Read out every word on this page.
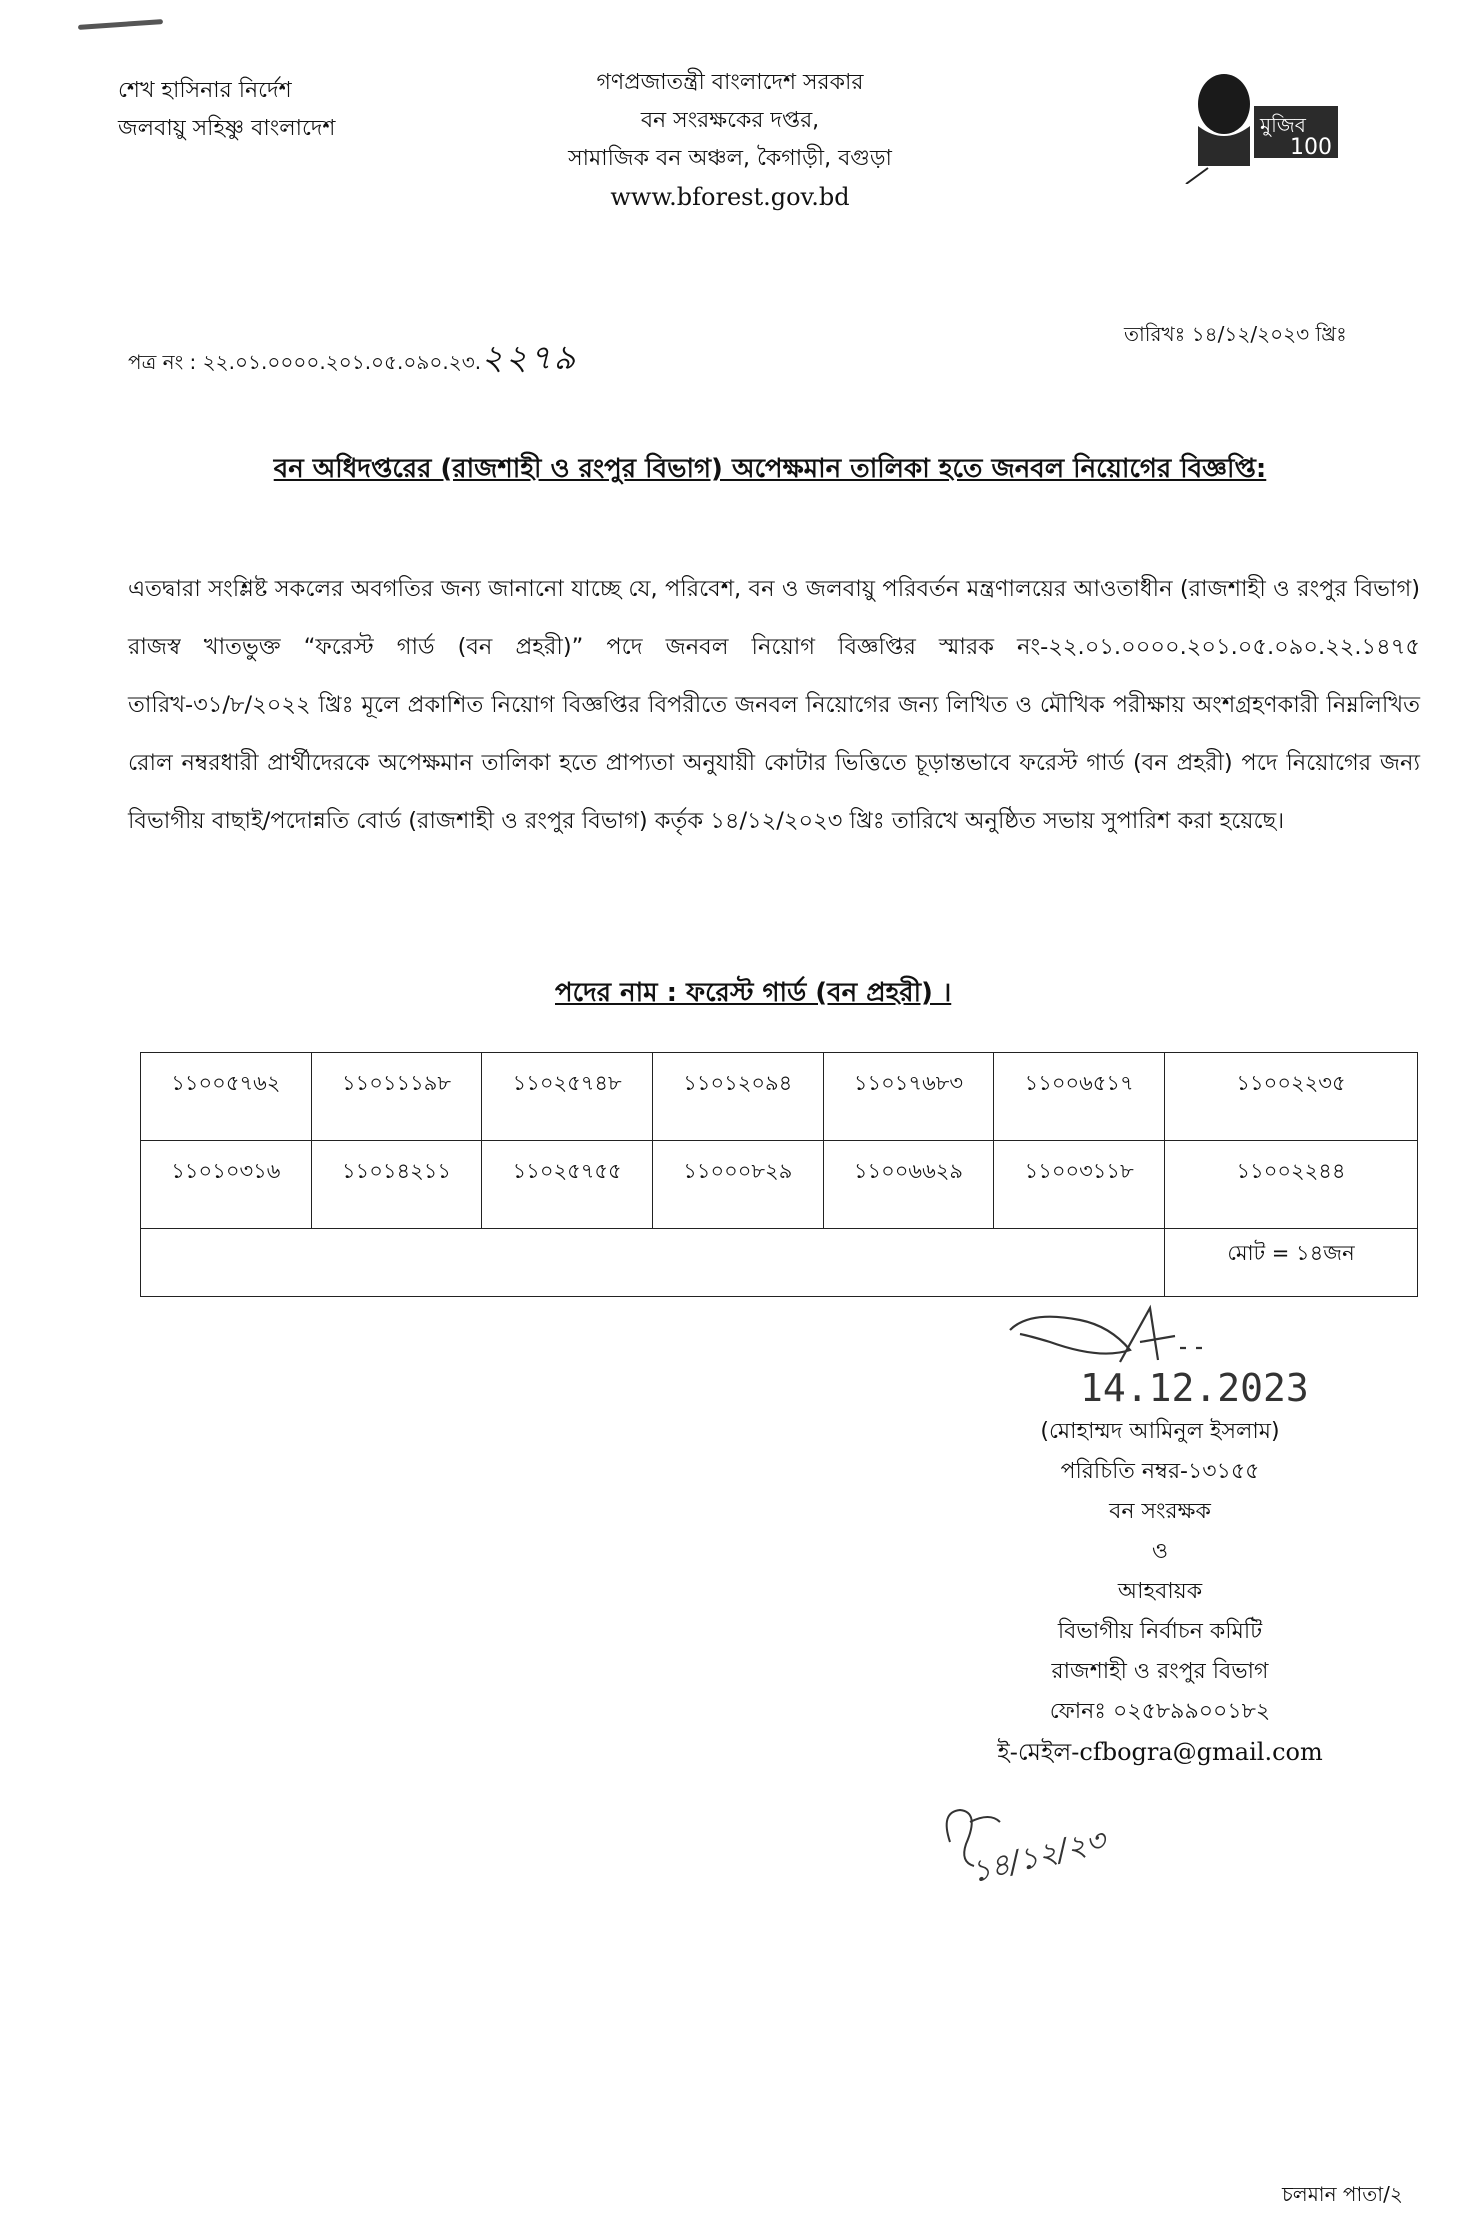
শেখ হাসিনার নির্দেশ
জলবায়ু সহিষ্ণু বাংলাদেশ
গণপ্রজাতন্ত্রী বাংলাদেশ সরকার
বন সংরক্ষকের দপ্তর,
সামাজিক বন অঞ্চল, কৈগাড়ী, বগুড়া
www.bforest.gov.bd
মুজিব
100
পত্র নং : ২২.০১.০০০০.২০১.০৫.০৯০.২৩.২২৭৯
তারিখঃ ১৪/১২/২০২৩ খ্রিঃ
বন অধিদপ্তরের (রাজশাহী ও রংপুর বিভাগ) অপেক্ষমান তালিকা হতে জনবল নিয়োগের বিজ্ঞপ্তি:
এতদ্বারা সংশ্লিষ্ট সকলের অবগতির জন্য জানানো যাচ্ছে যে, পরিবেশ, বন ও জলবায়ু পরিবর্তন মন্ত্রণালয়ের আওতাধীন (রাজশাহী ও রংপুর বিভাগ) রাজস্ব খাতভুক্ত “ফরেস্ট গার্ড (বন প্রহরী)” পদে জনবল নিয়োগ বিজ্ঞপ্তির স্মারক নং-২২.০১.০০০০.২০১.০৫.০৯০.২২.১৪৭৫ তারিখ-৩১/৮/২০২২ খ্রিঃ মূলে প্রকাশিত নিয়োগ বিজ্ঞপ্তির বিপরীতে জনবল নিয়োগের জন্য লিখিত ও মৌখিক পরীক্ষায় অংশগ্রহণকারী নিম্নলিখিত রোল নম্বরধারী প্রার্থীদেরকে অপেক্ষমান তালিকা হতে প্রাপ্যতা অনুযায়ী কোটার ভিত্তিতে চূড়ান্তভাবে ফরেস্ট গার্ড (বন প্রহরী) পদে নিয়োগের জন্য বিভাগীয় বাছাই/পদোন্নতি বোর্ড (রাজশাহী ও রংপুর বিভাগ) কর্তৃক ১৪/১২/২০২৩ খ্রিঃ তারিখে অনুষ্ঠিত সভায় সুপারিশ করা হয়েছে।
পদের নাম : ফরেস্ট গার্ড (বন প্রহরী) ।
১১০০৫৭৬২	১১০১১১৯৮	১১০২৫৭৪৮	১১০১২০৯৪	১১০১৭৬৮৩	১১০০৬৫১৭	১১০০২২৩৫
১১০১০৩১৬	১১০১৪২১১	১১০২৫৭৫৫	১১০০০৮২৯	১১০০৬৬২৯	১১০০৩১১৮	১১০০২২৪৪
						মোট = ১৪জন
14.12.2023
(মোহাম্মদ আমিনুল ইসলাম)
পরিচিতি নম্বর-১৩১৫৫
বন সংরক্ষক
ও
আহবায়ক
বিভাগীয় নির্বাচন কমিটি
রাজশাহী ও রংপুর বিভাগ
ফোনঃ ০২৫৮৯৯০০১৮২
ই-মেইল-cfbogra@gmail.com
১৪/১২/২৩
চলমান পাতা/২
